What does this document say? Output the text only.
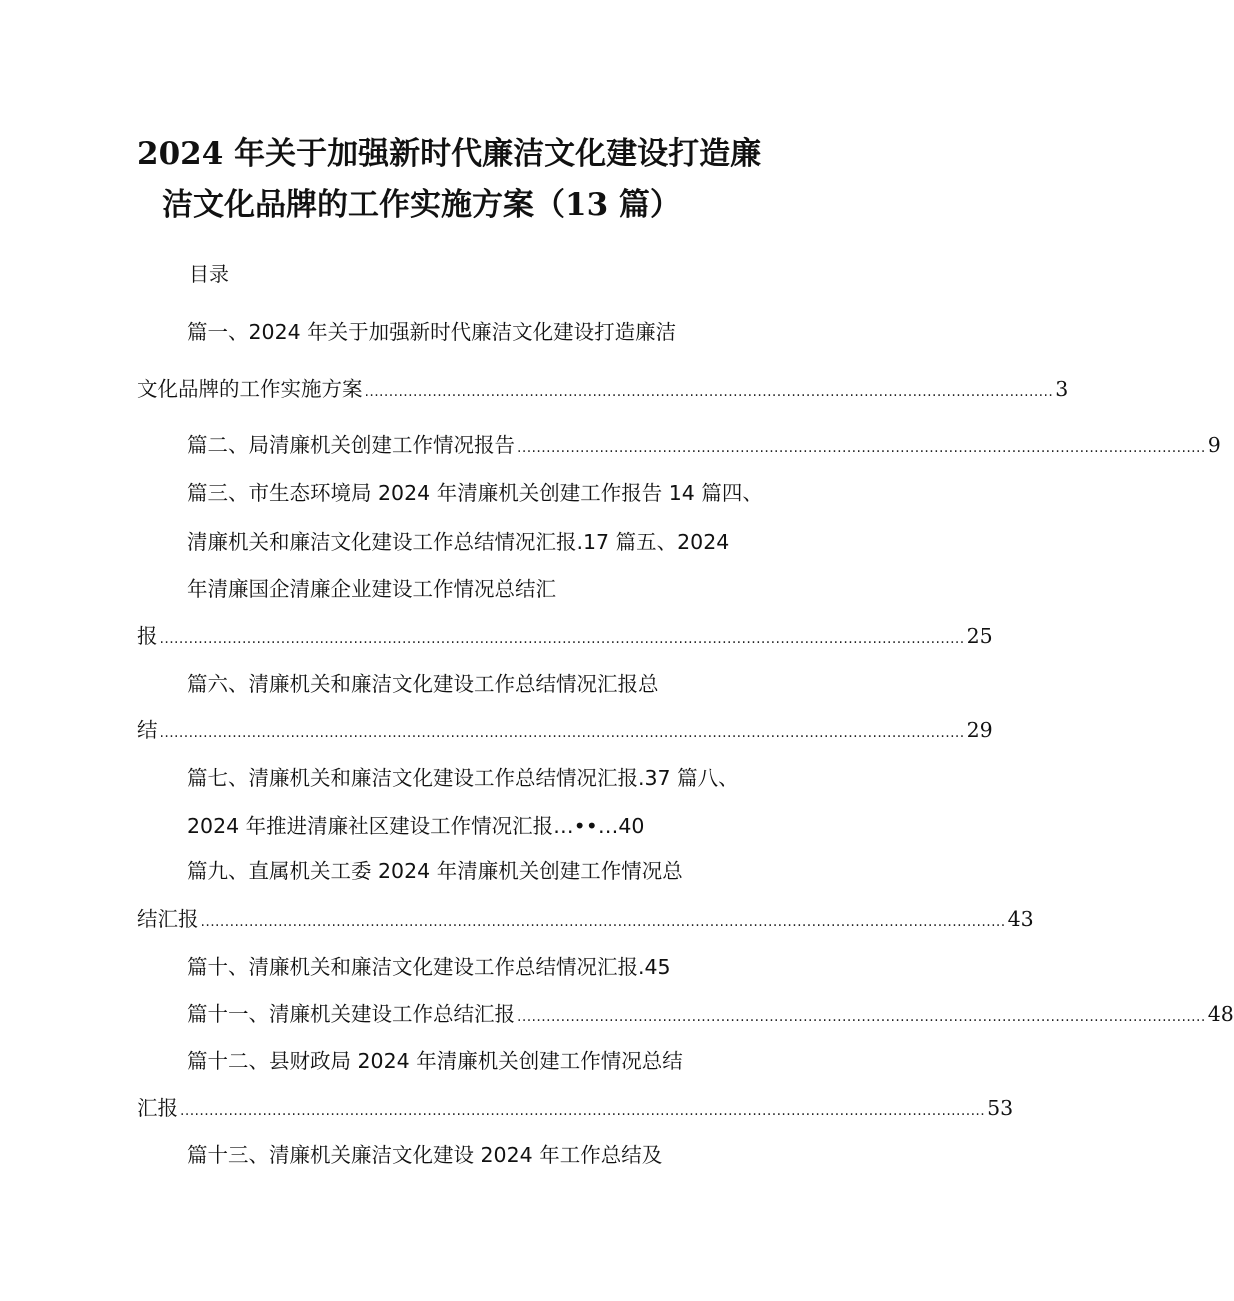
2024 年关于加强新时代廉洁文化建设打造廉
洁文化品牌的工作实施方案（13 篇）
目录
篇一、2024 年关于加强新时代廉洁文化建设打造廉洁
文化品牌的工作实施方案 .............................................................................................................................................. 3
篇二、局清廉机关创建工作情况报告 .............................................................................................................................................. 9
篇三、市生态环境局 2024 年清廉机关创建工作报告 14 篇四、
清廉机关和廉洁文化建设工作总结情况汇报.17 篇五、2024
年清廉国企清廉企业建设工作情况总结汇
报 ...................................................................................................................................................................... 25
篇六、清廉机关和廉洁文化建设工作总结情况汇报总
结 ...................................................................................................................................................................... 29
篇七、清廉机关和廉洁文化建设工作总结情况汇报.37 篇八、
2024 年推进清廉社区建设工作情况汇报…••…40
篇九、直属机关工委 2024 年清廉机关创建工作情况总
结汇报 ...................................................................................................................................................................... 43
篇十、清廉机关和廉洁文化建设工作总结情况汇报.45
篇十一、清廉机关建设工作总结汇报 .............................................................................................................................................. 48
篇十二、县财政局 2024 年清廉机关创建工作情况总结
汇报 ...................................................................................................................................................................... 53
篇十三、清廉机关廉洁文化建设 2024 年工作总结及
